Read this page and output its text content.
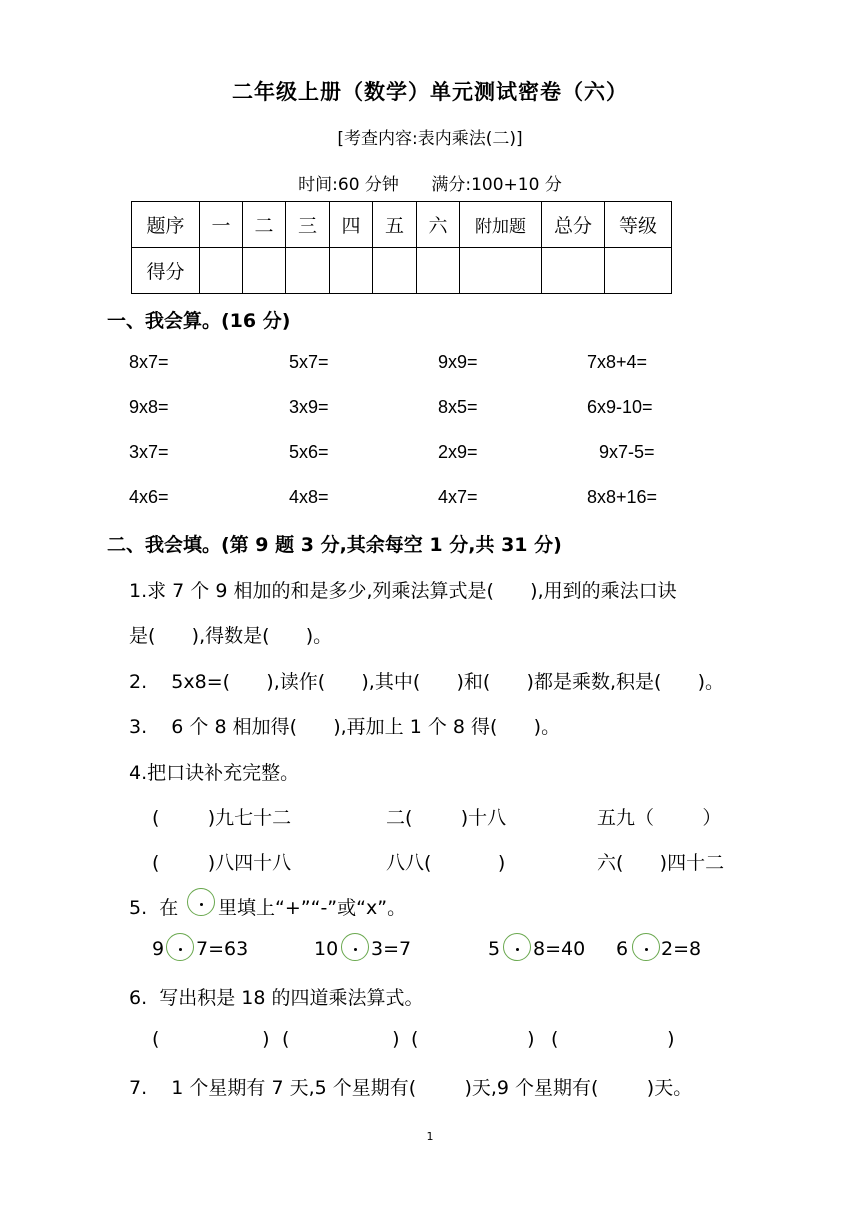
二年级上册（数学）单元测试密卷（六）
[考查内容:表内乘法(二)]
时间:60 分钟 满分:100+10 分
题序	一	二	三	四	五	六	附加题	总分	等级
得分									
一、我会算。(16 分)
8x7=	5x7=	9x9=	7x8+4=
9x8=	3x9=	8x5=	6x9-10=
3x7=	5x6=	2x9=	9x7-5=
4x6=	4x8=	4x7=	8x8+16=
二、我会填。(第 9 题 3 分,其余每空 1 分,共 31 分)
1.求 7 个 9 相加的和是多少,列乘法算式是(      ),用到的乘法口诀
是(      ),得数是(      )。
2.    5x8=(      ),读作(      ),其中(      )和(      )都是乘数,积是(      )。
3.    6 个 8 相加得(      ),再加上 1 个 8 得(      )。
4.把口诀补充完整。
(        )九七十二	二(        )十八	五九（        ）
(        )八四十八	八八(           )	六(      )四十二
5.  在 里填上“+”“-”或“x”。
9 7=63	10 3=7	5 8=40 6 2=8
6.  写出积是 18 的四道乘法算式。
(                 ) (                 ) (                  ) (                  )
7.    1 个星期有 7 天,5 个星期有(        )天,9 个星期有(        )天。
1
